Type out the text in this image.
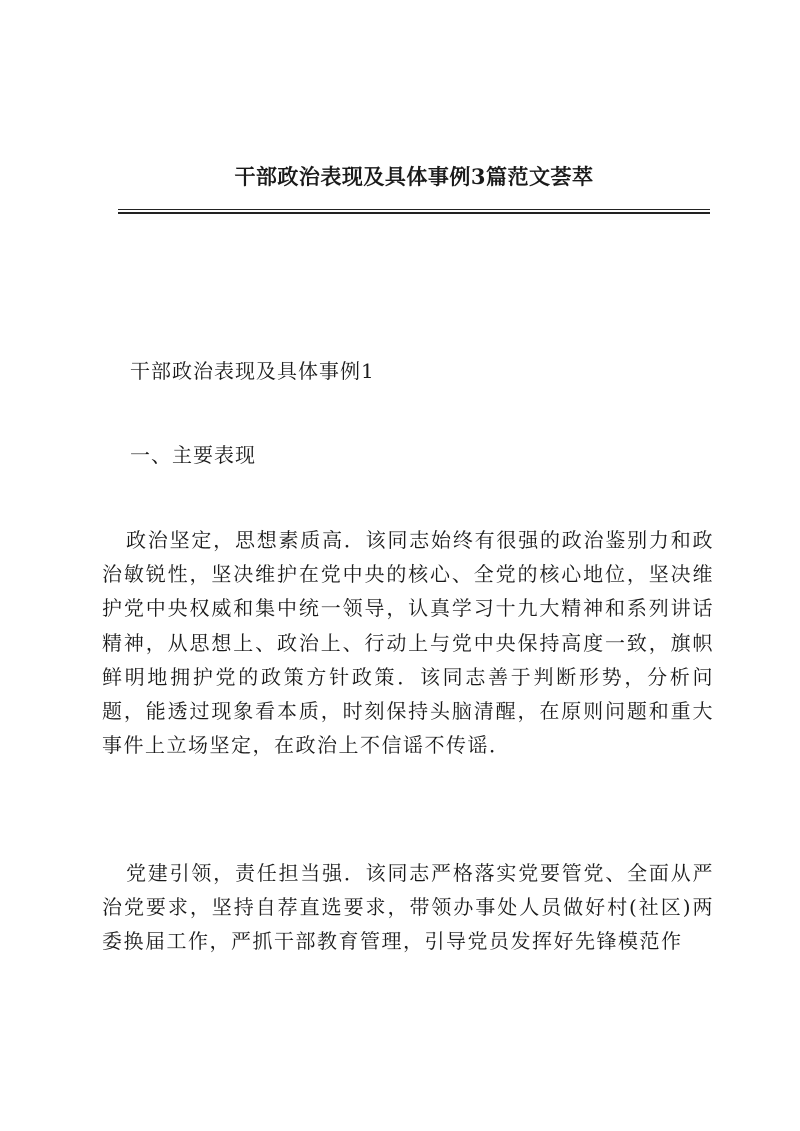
干部政治表现及具体事例3篇范文荟萃
干部政治表现及具体事例1
一、主要表现

政治坚定，思想素质高．该同志始终有很强的政治鉴别力和政治敏锐性，坚决维护在党中央的核心、全党的核心地位，坚决维护党中央权威和集中统一领导，认真学习十九大精神和系列讲话精神，从思想上、政治上、行动上与党中央保持高度一致，旗帜鲜明地拥护党的政策方针政策．该同志善于判断形势，分析问题，能透过现象看本质，时刻保持头脑清醒，在原则问题和重大事件上立场坚定，在政治上不信谣不传谣．

党建引领，责任担当强．该同志严格落实党要管党、全面从严治党要求，坚持自荐直选要求，带领办事处人员做好村(社区)两委换届工作，严抓干部教育管理，引导党员发挥好先锋模范作
